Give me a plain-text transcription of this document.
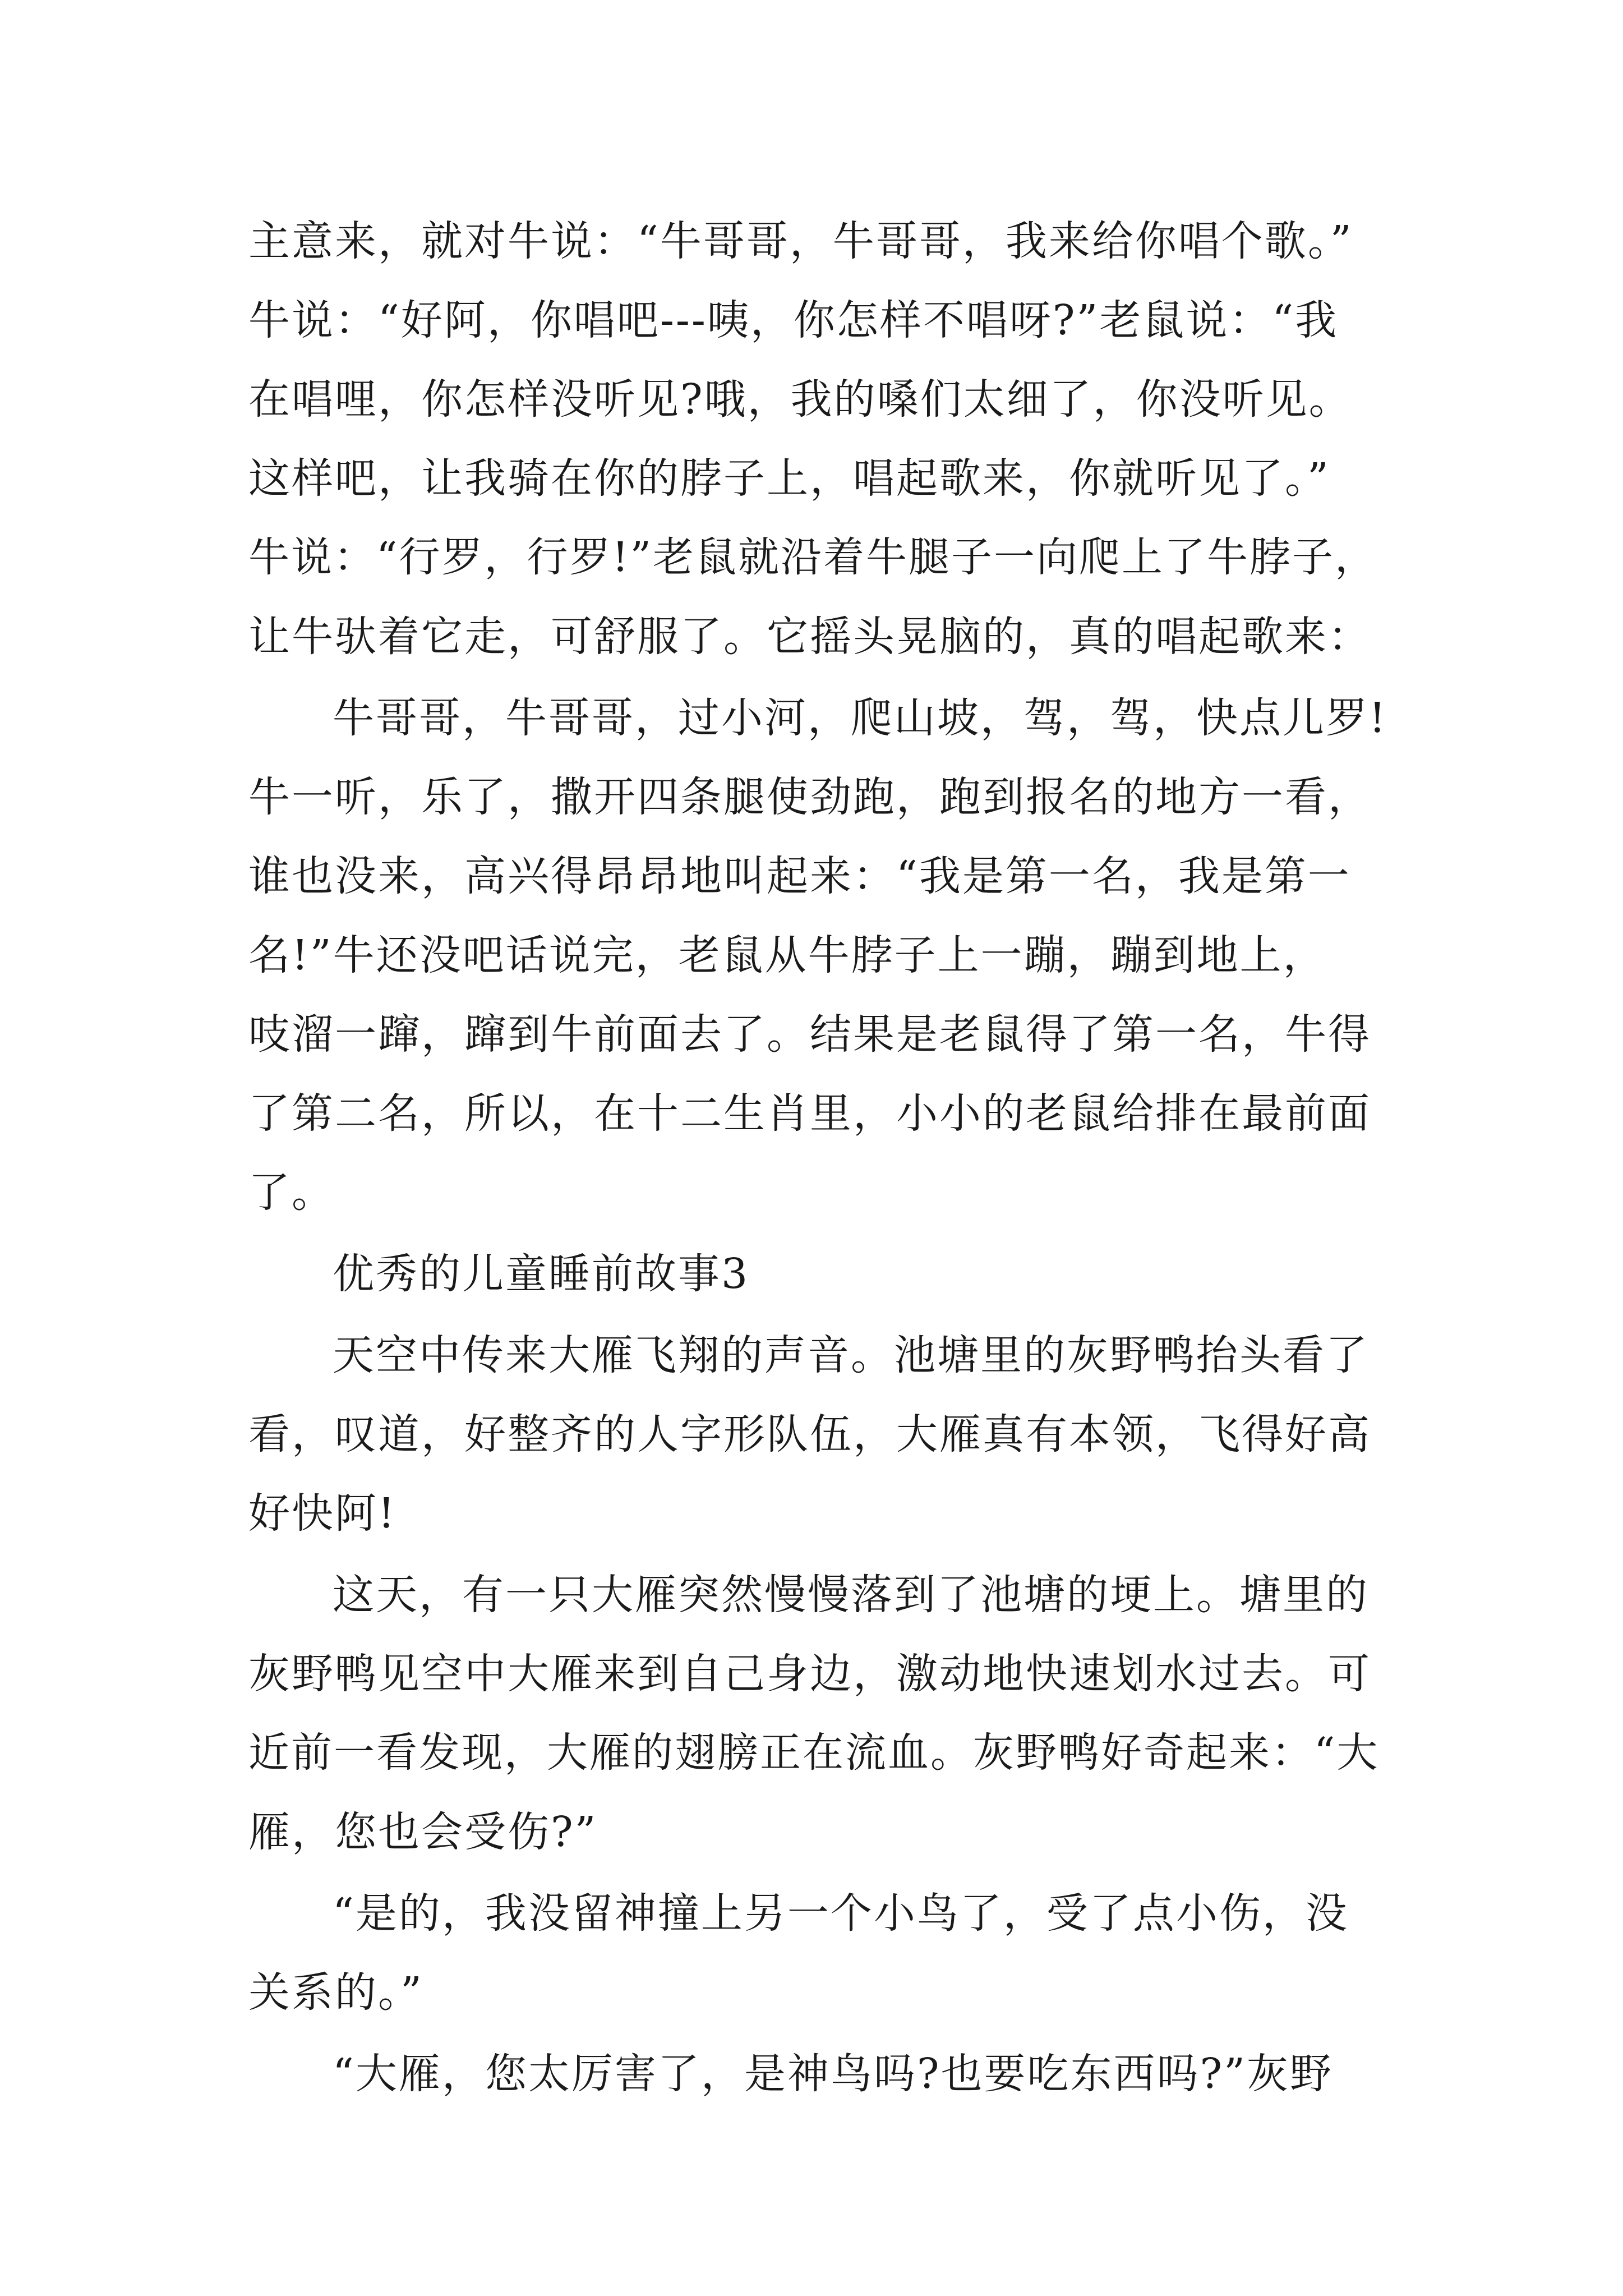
主意来，就对牛说：“牛哥哥，牛哥哥，我来给你唱个歌。”
牛说：“好阿，你唱吧---咦，你怎样不唱呀?”老鼠说：“我
在唱哩，你怎样没听见?哦，我的嗓们太细了，你没听见。
这样吧，让我骑在你的脖子上，唱起歌来，你就听见了。”
牛说：“行罗，行罗!”老鼠就沿着牛腿子一向爬上了牛脖子，
让牛驮着它走，可舒服了。它摇头晃脑的，真的唱起歌来：
牛哥哥，牛哥哥，过小河，爬山坡，驾，驾，快点儿罗!
牛一听，乐了，撒开四条腿使劲跑，跑到报名的地方一看，
谁也没来，高兴得昂昂地叫起来：“我是第一名，我是第一
名!”牛还没吧话说完，老鼠从牛脖子上一蹦，蹦到地上，
吱溜一蹿，蹿到牛前面去了。结果是老鼠得了第一名，牛得
了第二名，所以，在十二生肖里，小小的老鼠给排在最前面
了。
优秀的儿童睡前故事3
天空中传来大雁飞翔的声音。池塘里的灰野鸭抬头看了
看，叹道，好整齐的人字形队伍，大雁真有本领，飞得好高
好快阿!
这天，有一只大雁突然慢慢落到了池塘的埂上。塘里的
灰野鸭见空中大雁来到自己身边，激动地快速划水过去。可
近前一看发现，大雁的翅膀正在流血。灰野鸭好奇起来：“大
雁，您也会受伤?”
“是的，我没留神撞上另一个小鸟了，受了点小伤，没
关系的。”
“大雁，您太厉害了，是神鸟吗?也要吃东西吗?”灰野
